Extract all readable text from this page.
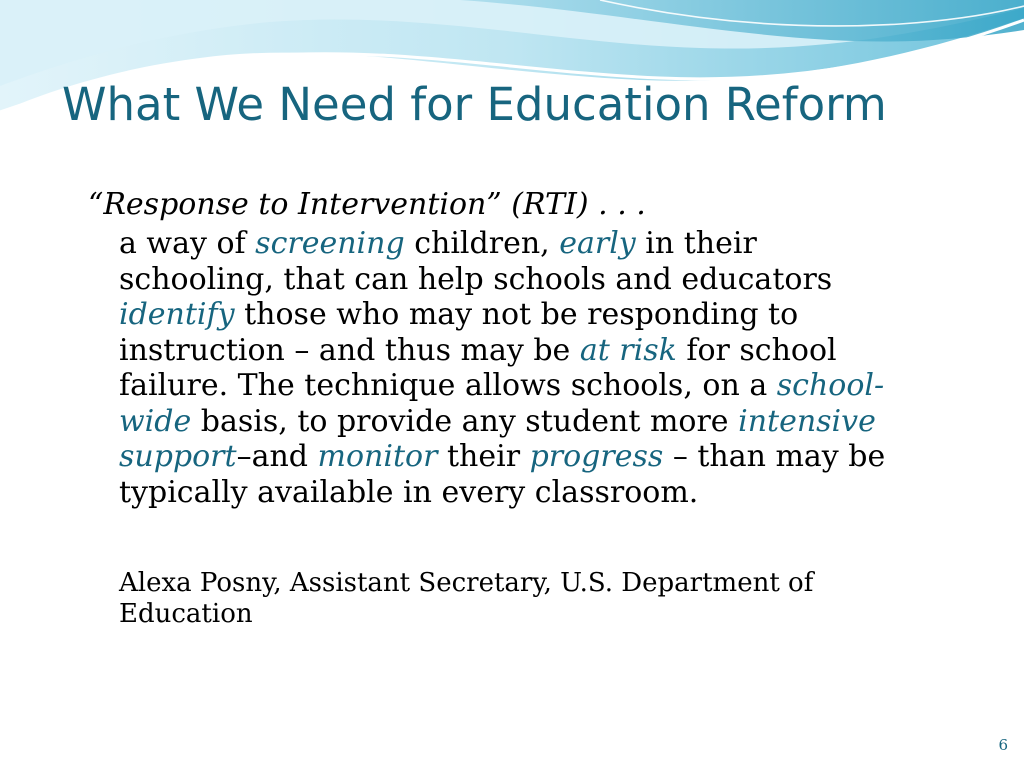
What We Need for Education Reform

“Response to Intervention” (RTI) . . .

a way of screening children, early in their schooling, that can help schools and educators identify those who may not be responding to instruction – and thus may be at risk for school failure. The technique allows schools, on a school-wide basis, to provide any student more intensive support–and monitor their progress – than may be typically available in every classroom.

Alexa Posny, Assistant Secretary, U.S. Department of Education

6
